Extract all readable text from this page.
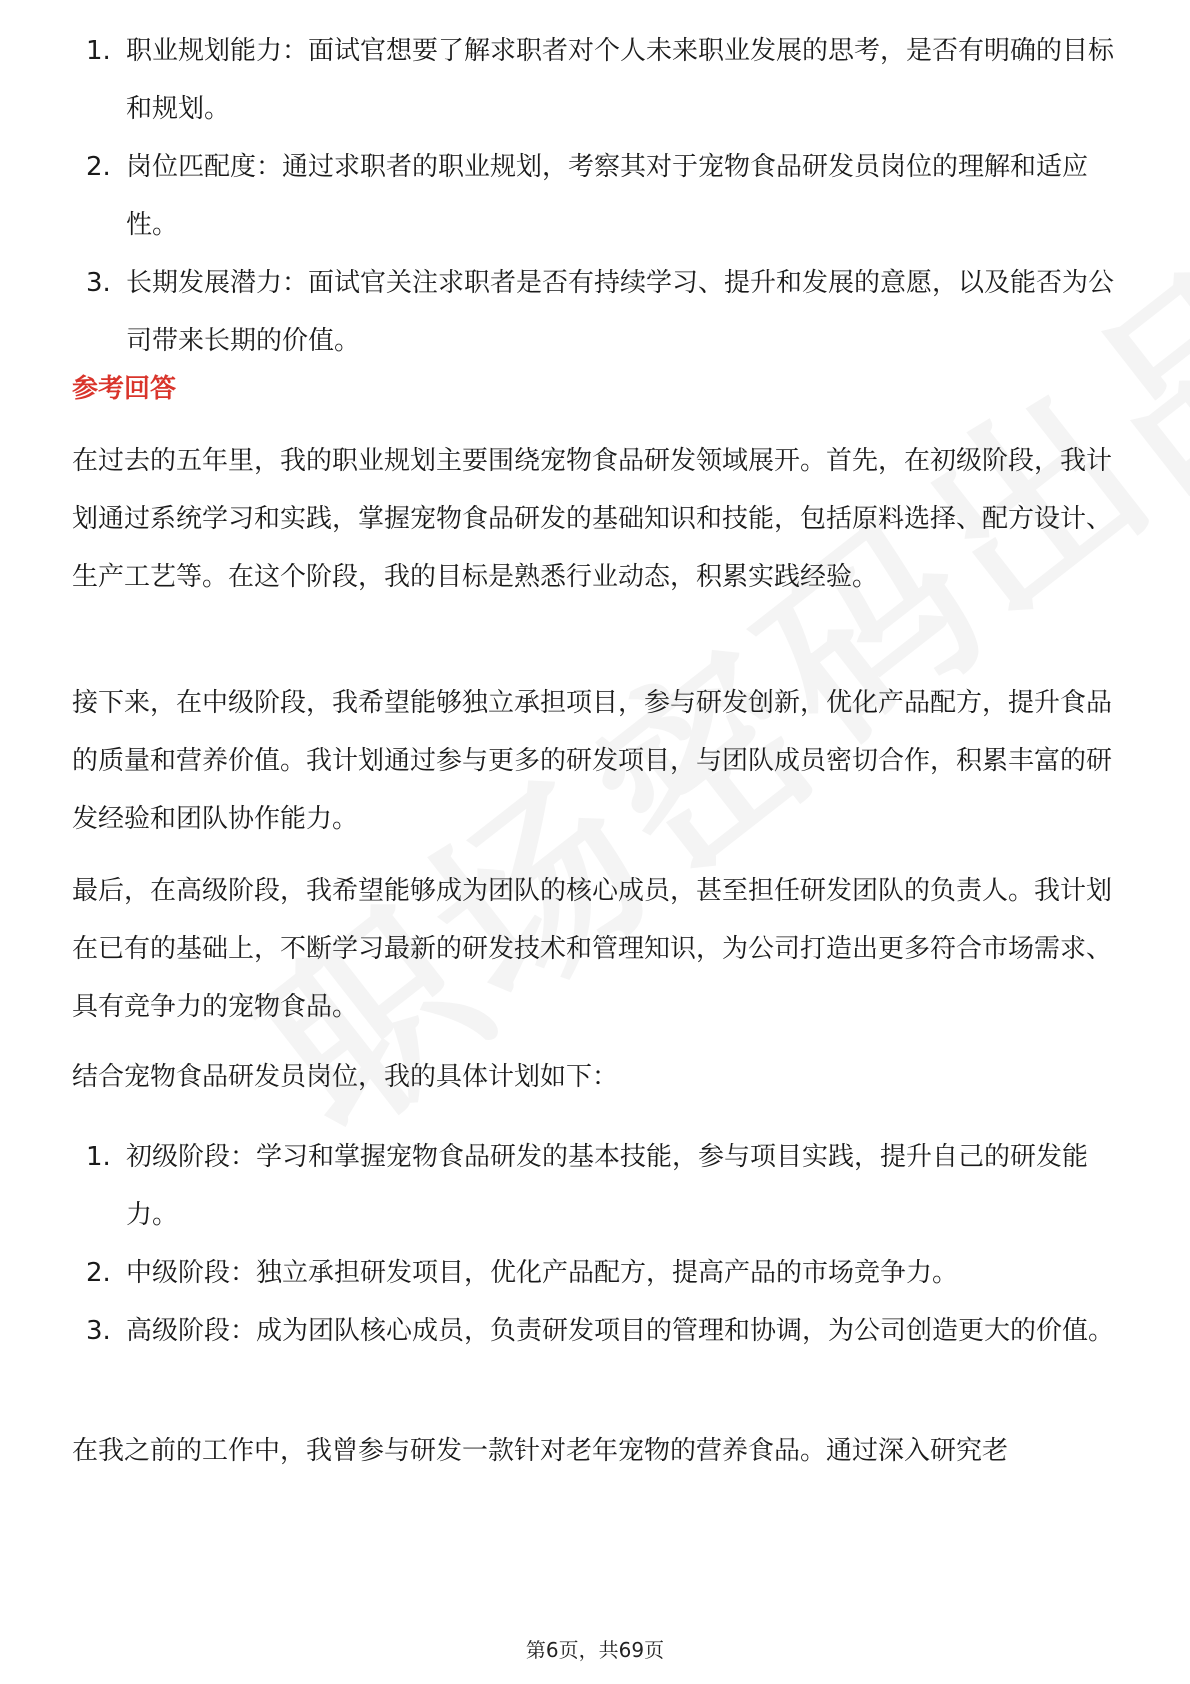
1. 职业规划能力：面试官想要了解求职者对个人未来职业发展的思考，是否有明确的目标和规划。
2. 岗位匹配度：通过求职者的职业规划，考察其对于宠物食品研发员岗位的理解和适应性。
3. 长期发展潜力：面试官关注求职者是否有持续学习、提升和发展的意愿，以及能否为公司带来长期的价值。
参考回答

在过去的五年里，我的职业规划主要围绕宠物食品研发领域展开。首先，在初级阶段，我计划通过系统学习和实践，掌握宠物食品研发的基础知识和技能，包括原料选择、配方设计、生产工艺等。在这个阶段，我的目标是熟悉行业动态，积累实践经验。

接下来，在中级阶段，我希望能够独立承担项目，参与研发创新，优化产品配方，提升食品的质量和营养价值。我计划通过参与更多的研发项目，与团队成员密切合作，积累丰富的研发经验和团队协作能力。

最后，在高级阶段，我希望能够成为团队的核心成员，甚至担任研发团队的负责人。我计划在已有的基础上，不断学习最新的研发技术和管理知识，为公司打造出更多符合市场需求、具有竞争力的宠物食品。

结合宠物食品研发员岗位，我的具体计划如下：

1. 初级阶段：学习和掌握宠物食品研发的基本技能，参与项目实践，提升自己的研发能力。
2. 中级阶段：独立承担研发项目，优化产品配方，提高产品的市场竞争力。
3. 高级阶段：成为团队核心成员，负责研发项目的管理和协调，为公司创造更大的价值。

在我之前的工作中，我曾参与研发一款针对老年宠物的营养食品。通过深入研究老

第6页，共69页
